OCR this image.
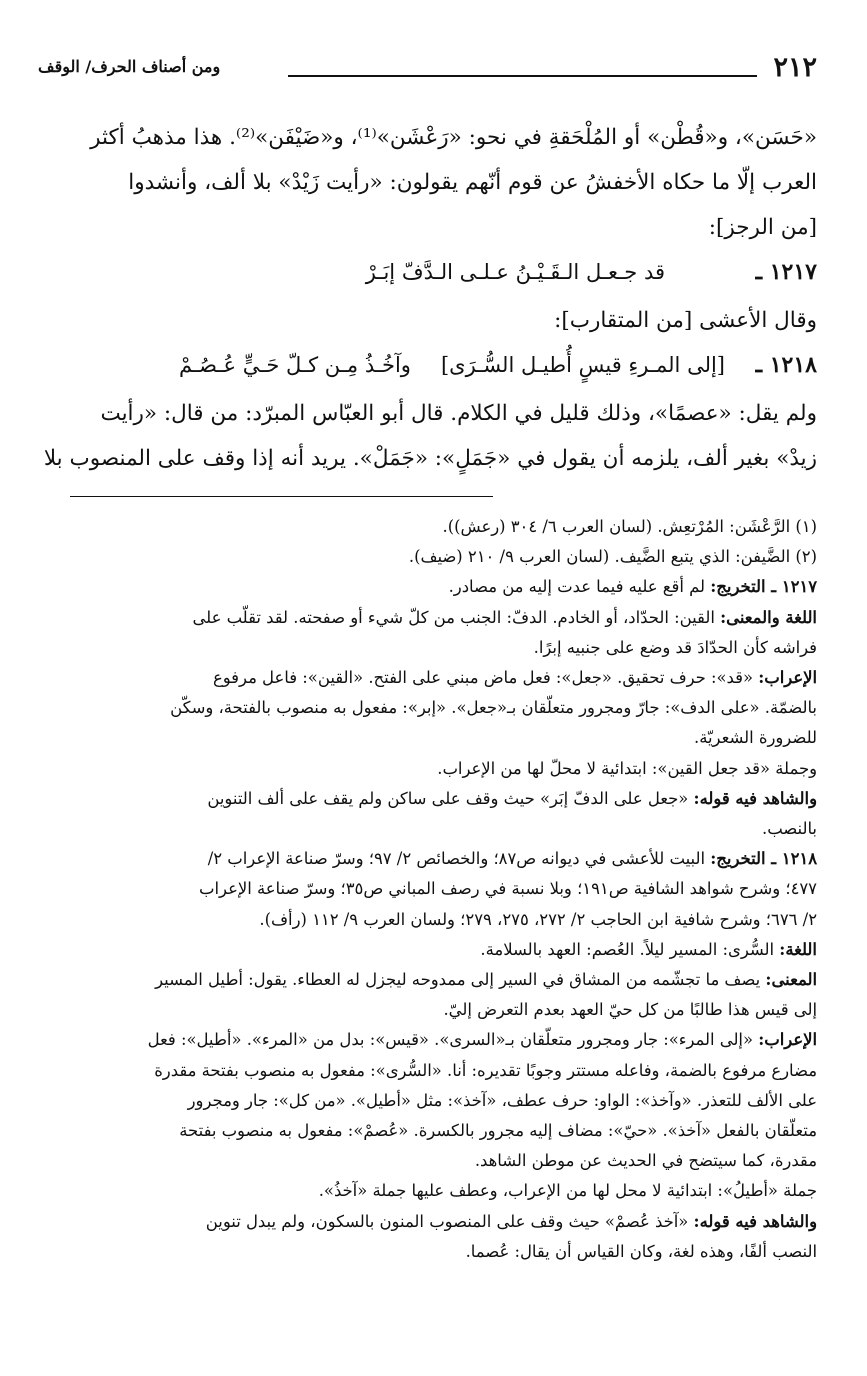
٢١٢
ومن أصناف الحرف/ الوقف

«حَسَن»، و«قُطْن» أو المُلْحَقةِ في نحو: «رَعْشَن»⁽¹⁾، و«ضَيْفَن»⁽²⁾. هذا مذهبُ أكثر

العرب إلّا ما حكاه الأخفشُ عن قوم أنّهم يقولون: «رأيت زَيْدْ» بلا ألف، وأنشدوا

[من الرجز]:

١٢١٧ ـ
قد جـعـل الـقَـيْـنُ عـلـى الـدَّفّ إبَـرْ

وقال الأعشى [من المتقارب]:

١٢١٨ ـ
[إلى المـرءِ قيسٍ أُطيـل السُّـرَى]
وآخُـذُ مِـن كـلّ حَـيٍّ عُـصُـمْ

ولم يقل: «عصمًا»، وذلك قليل في الكلام. قال أبو العبّاس المبرّد: من قال: «رأيت

زيدْ» بغير ألف، يلزمه أن يقول في «جَمَلٍ»: «جَمَلْ». يريد أنه إذا وقف على المنصوب بلا

(١) الرَّعْشَن: المُرْتعِش. (لسان العرب ٦/ ٣٠٤ (رعش)).

(٢) الضَّيفن: الذي يتبع الضَّيف. (لسان العرب ٩/ ٢١٠ (ضيف).

١٢١٧ ـ التخريج: لم أقع عليه فيما عدت إليه من مصادر.

اللغة والمعنى: القين: الحدّاد، أو الخادم. الدفّ: الجنب من كلّ شيء أو صفحته. لقد تقلّب على

فراشه كأن الحدّادَ قد وضع على جنبيه إبرًا.

الإعراب: «قد»: حرف تحقيق. «جعل»: فعل ماض مبني على الفتح. «القين»: فاعل مرفوع

بالضمّة. «على الدف»: جارّ ومجرور متعلّقان بـ«جعل». «إبر»: مفعول به منصوب بالفتحة، وسكّن

للضرورة الشعريّة.

وجملة «قد جعل القين»: ابتدائية لا محلّ لها من الإعراب.

والشاهد فيه قوله: «جعل على الدفّ إبَر» حيث وقف على ساكن ولم يقف على ألف التنوين

بالنصب.

١٢١٨ ـ التخريج: البيت للأعشى في ديوانه ص٨٧؛ والخصائص ٢/ ٩٧؛ وسرّ صناعة الإعراب ٢/

٤٧٧؛ وشرح شواهد الشافية ص١٩١؛ وبلا نسبة في رصف المباني ص٣٥؛ وسرّ صناعة الإعراب

٢/ ٦٧٦؛ وشرح شافية ابن الحاجب ٢/ ٢٧٢، ٢٧٥، ٢٧٩؛ ولسان العرب ٩/ ١١٢ (رأف).

اللغة: السُّرى: المسير ليلاً. العُصم: العهد بالسلامة.

المعنى: يصف ما تجشّمه من المشاق في السير إلى ممدوحه ليجزل له العطاء. يقول: أطيل المسير

إلى قيس هذا طالبًا من كل حيّ العهد بعدم التعرض إليّ.

الإعراب: «إلى المرء»: جار ومجرور متعلّقان بـ«السرى». «قيس»: بدل من «المرء». «أطيل»: فعل

مضارع مرفوع بالضمة، وفاعله مستتر وجوبًا تقديره: أنا. «السُّرى»: مفعول به منصوب بفتحة مقدرة

على الألف للتعذر. «وآخذ»: الواو: حرف عطف، «آخذ»: مثل «أطيل». «من كل»: جار ومجرور

متعلّقان بالفعل «آخذ». «حيّ»: مضاف إليه مجرور بالكسرة. «عُصمْ»: مفعول به منصوب بفتحة

مقدرة، كما سيتضح في الحديث عن موطن الشاهد.

جملة «أطيلُ»: ابتدائية لا محل لها من الإعراب، وعطف عليها جملة «آخذُ».

والشاهد فيه قوله: «آخذ عُصمْ» حيث وقف على المنصوب المنون بالسكون، ولم يبدل تنوين

النصب ألفًا، وهذه لغة، وكان القياس أن يقال: عُصما.
